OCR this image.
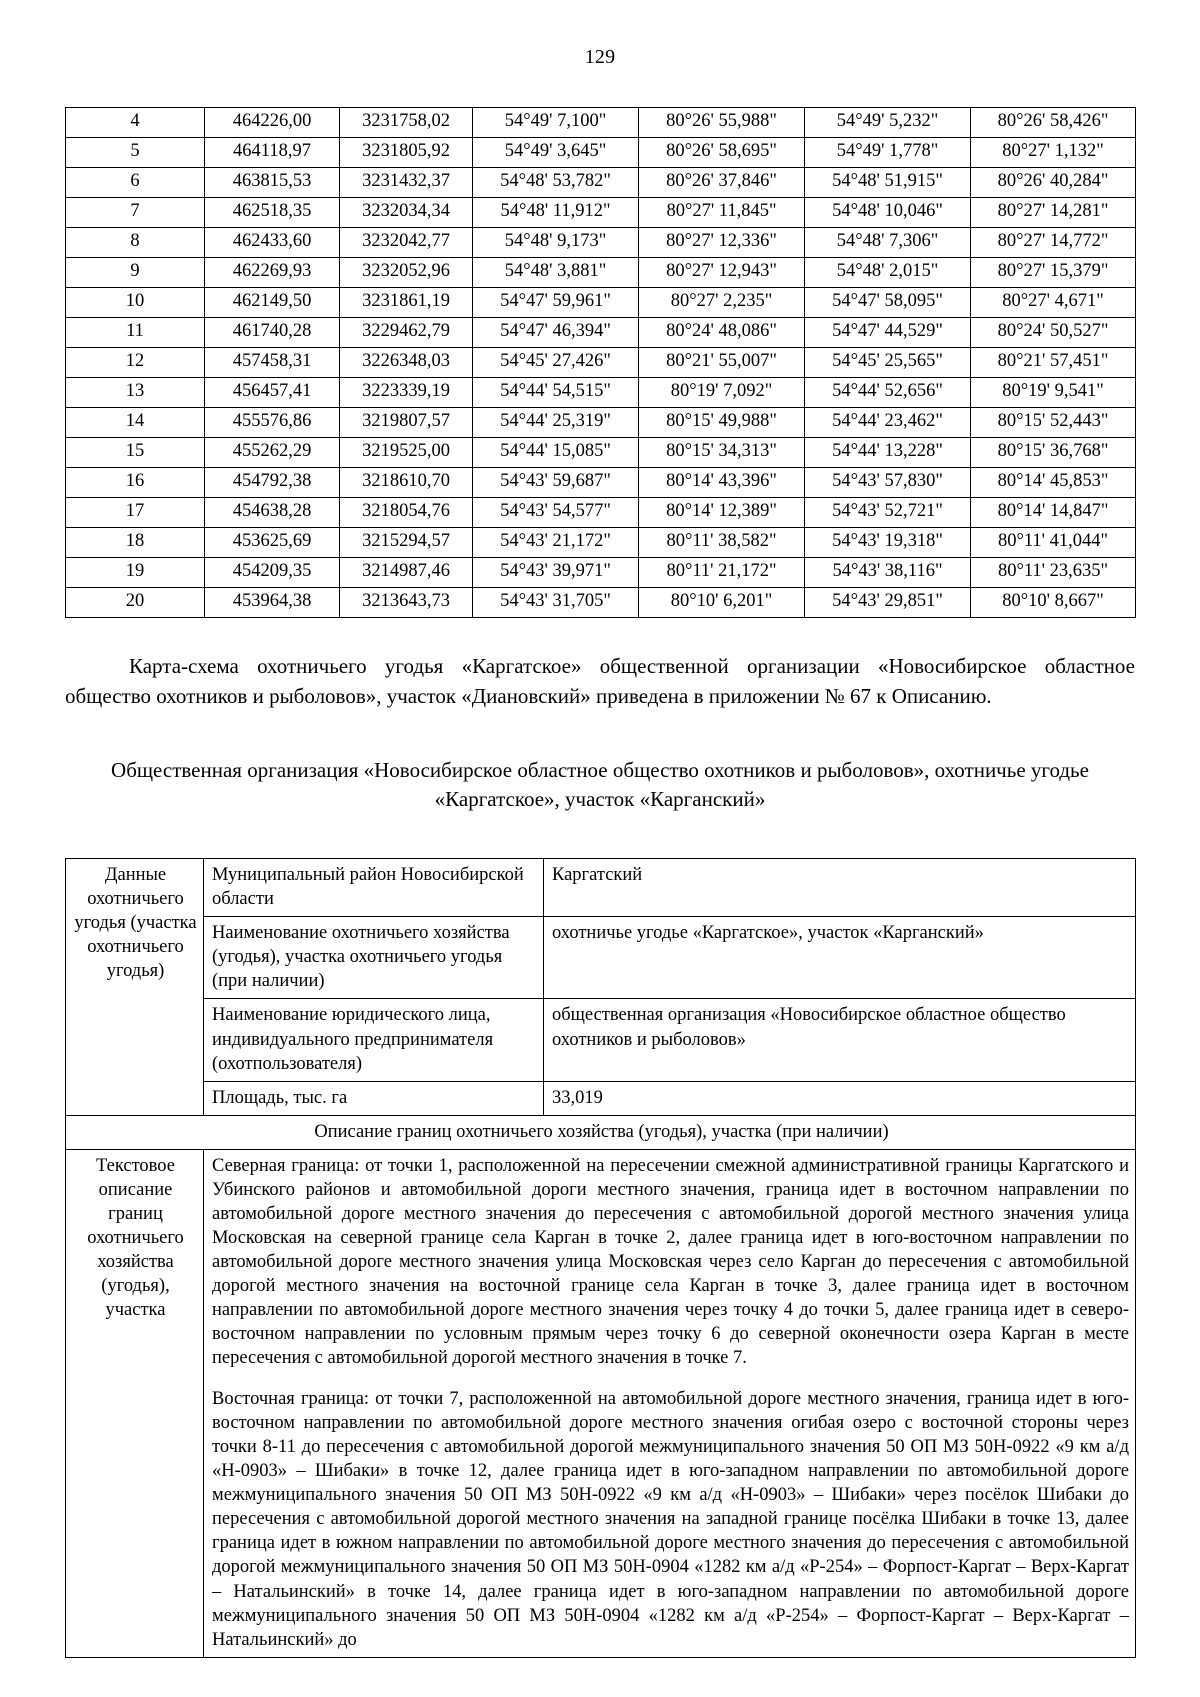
129
4	464226,00	3231758,02	54°49' 7,100"	80°26' 55,988"	54°49' 5,232"	80°26' 58,426"
5	464118,97	3231805,92	54°49' 3,645"	80°26' 58,695"	54°49' 1,778"	80°27' 1,132"
6	463815,53	3231432,37	54°48' 53,782"	80°26' 37,846"	54°48' 51,915"	80°26' 40,284"
7	462518,35	3232034,34	54°48' 11,912"	80°27' 11,845"	54°48' 10,046"	80°27' 14,281"
8	462433,60	3232042,77	54°48' 9,173"	80°27' 12,336"	54°48' 7,306"	80°27' 14,772"
9	462269,93	3232052,96	54°48' 3,881"	80°27' 12,943"	54°48' 2,015"	80°27' 15,379"
10	462149,50	3231861,19	54°47' 59,961"	80°27' 2,235"	54°47' 58,095"	80°27' 4,671"
11	461740,28	3229462,79	54°47' 46,394"	80°24' 48,086"	54°47' 44,529"	80°24' 50,527"
12	457458,31	3226348,03	54°45' 27,426"	80°21' 55,007"	54°45' 25,565"	80°21' 57,451"
13	456457,41	3223339,19	54°44' 54,515"	80°19' 7,092"	54°44' 52,656"	80°19' 9,541"
14	455576,86	3219807,57	54°44' 25,319"	80°15' 49,988"	54°44' 23,462"	80°15' 52,443"
15	455262,29	3219525,00	54°44' 15,085"	80°15' 34,313"	54°44' 13,228"	80°15' 36,768"
16	454792,38	3218610,70	54°43' 59,687"	80°14' 43,396"	54°43' 57,830"	80°14' 45,853"
17	454638,28	3218054,76	54°43' 54,577"	80°14' 12,389"	54°43' 52,721"	80°14' 14,847"
18	453625,69	3215294,57	54°43' 21,172"	80°11' 38,582"	54°43' 19,318"	80°11' 41,044"
19	454209,35	3214987,46	54°43' 39,971"	80°11' 21,172"	54°43' 38,116"	80°11' 23,635"
20	453964,38	3213643,73	54°43' 31,705"	80°10' 6,201"	54°43' 29,851"	80°10' 8,667"

Карта-схема охотничьего угодья «Каргатское» общественной организации «Новосибирское областное общество охотников и рыболовов», участок «Диановский» приведена в приложении № 67 к Описанию.

Общественная организация «Новосибирское областное общество охотников и рыболовов», охотничье угодье «Каргатское», участок «Карганский»
Данные охотничьего угодья (участка охотничьего угодья)	Муниципальный район Новосибирской области	Каргатский
	Наименование охотничьего хозяйства (угодья), участка охотничьего угодья (при наличии)	охотничье угодье «Каргатское», участок «Карганский»
	Наименование юридического лица, индивидуального предпринимателя (охотпользователя)	общественная организация «Новосибирское областное общество охотников и рыболовов»
	Площадь, тыс. га	33,019
Описание границ охотничьего хозяйства (угодья), участка (при наличии)		
Текстовое описание границ охотничьего хозяйства (угодья), участка	Северная граница: от точки 1, расположенной на пересечении смежной административной границы Каргатского и Убинского районов и автомобильной дороги местного значения, граница идет в восточном направлении по автомобильной дороге местного значения до пересечения с автомобильной дорогой местного значения улица Московская на северной границе села Карган в точке 2, далее граница идет в юго-восточном направлении по автомобильной дороге местного значения улица Московская через село Карган до пересечения с автомобильной дорогой местного значения на восточной границе села Карган в точке 3, далее граница идет в восточном направлении по автомобильной дороге местного значения через точку 4 до точки 5, далее граница идет в северо-восточном направлении по условным прямым через точку 6 до северной оконечности озера Карган в месте пересечения с автомобильной дорогой местного значения в точке 7.

Восточная граница: от точки 7, расположенной на автомобильной дороге местного значения, граница идет в юго-восточном направлении по автомобильной дороге местного значения огибая озеро с восточной стороны через точки 8-11 до пересечения с автомобильной дорогой межмуниципального значения 50 ОП МЗ 50Н-0922 «9 км а/д «Н-0903» – Шибаки» в точке 12, далее граница идет в юго-западном направлении по автомобильной дороге межмуниципального значения 50 ОП МЗ 50Н-0922 «9 км а/д «Н-0903» – Шибаки» через посёлок Шибаки до пересечения с автомобильной дорогой местного значения на западной границе посёлка Шибаки в точке 13, далее граница идет в южном направлении по автомобильной дороге местного значения до пересечения с автомобильной дорогой межмуниципального значения 50 ОП МЗ 50Н-0904 «1282 км а/д «Р-254» – Форпост-Каргат – Верх-Каргат – Натальинский» в точке 14, далее граница идет в юго-западном направлении по автомобильной дороге межмуниципального значения 50 ОП МЗ 50Н-0904 «1282 км а/д «Р-254» – Форпост-Каргат – Верх-Каргат – Натальинский» до	
